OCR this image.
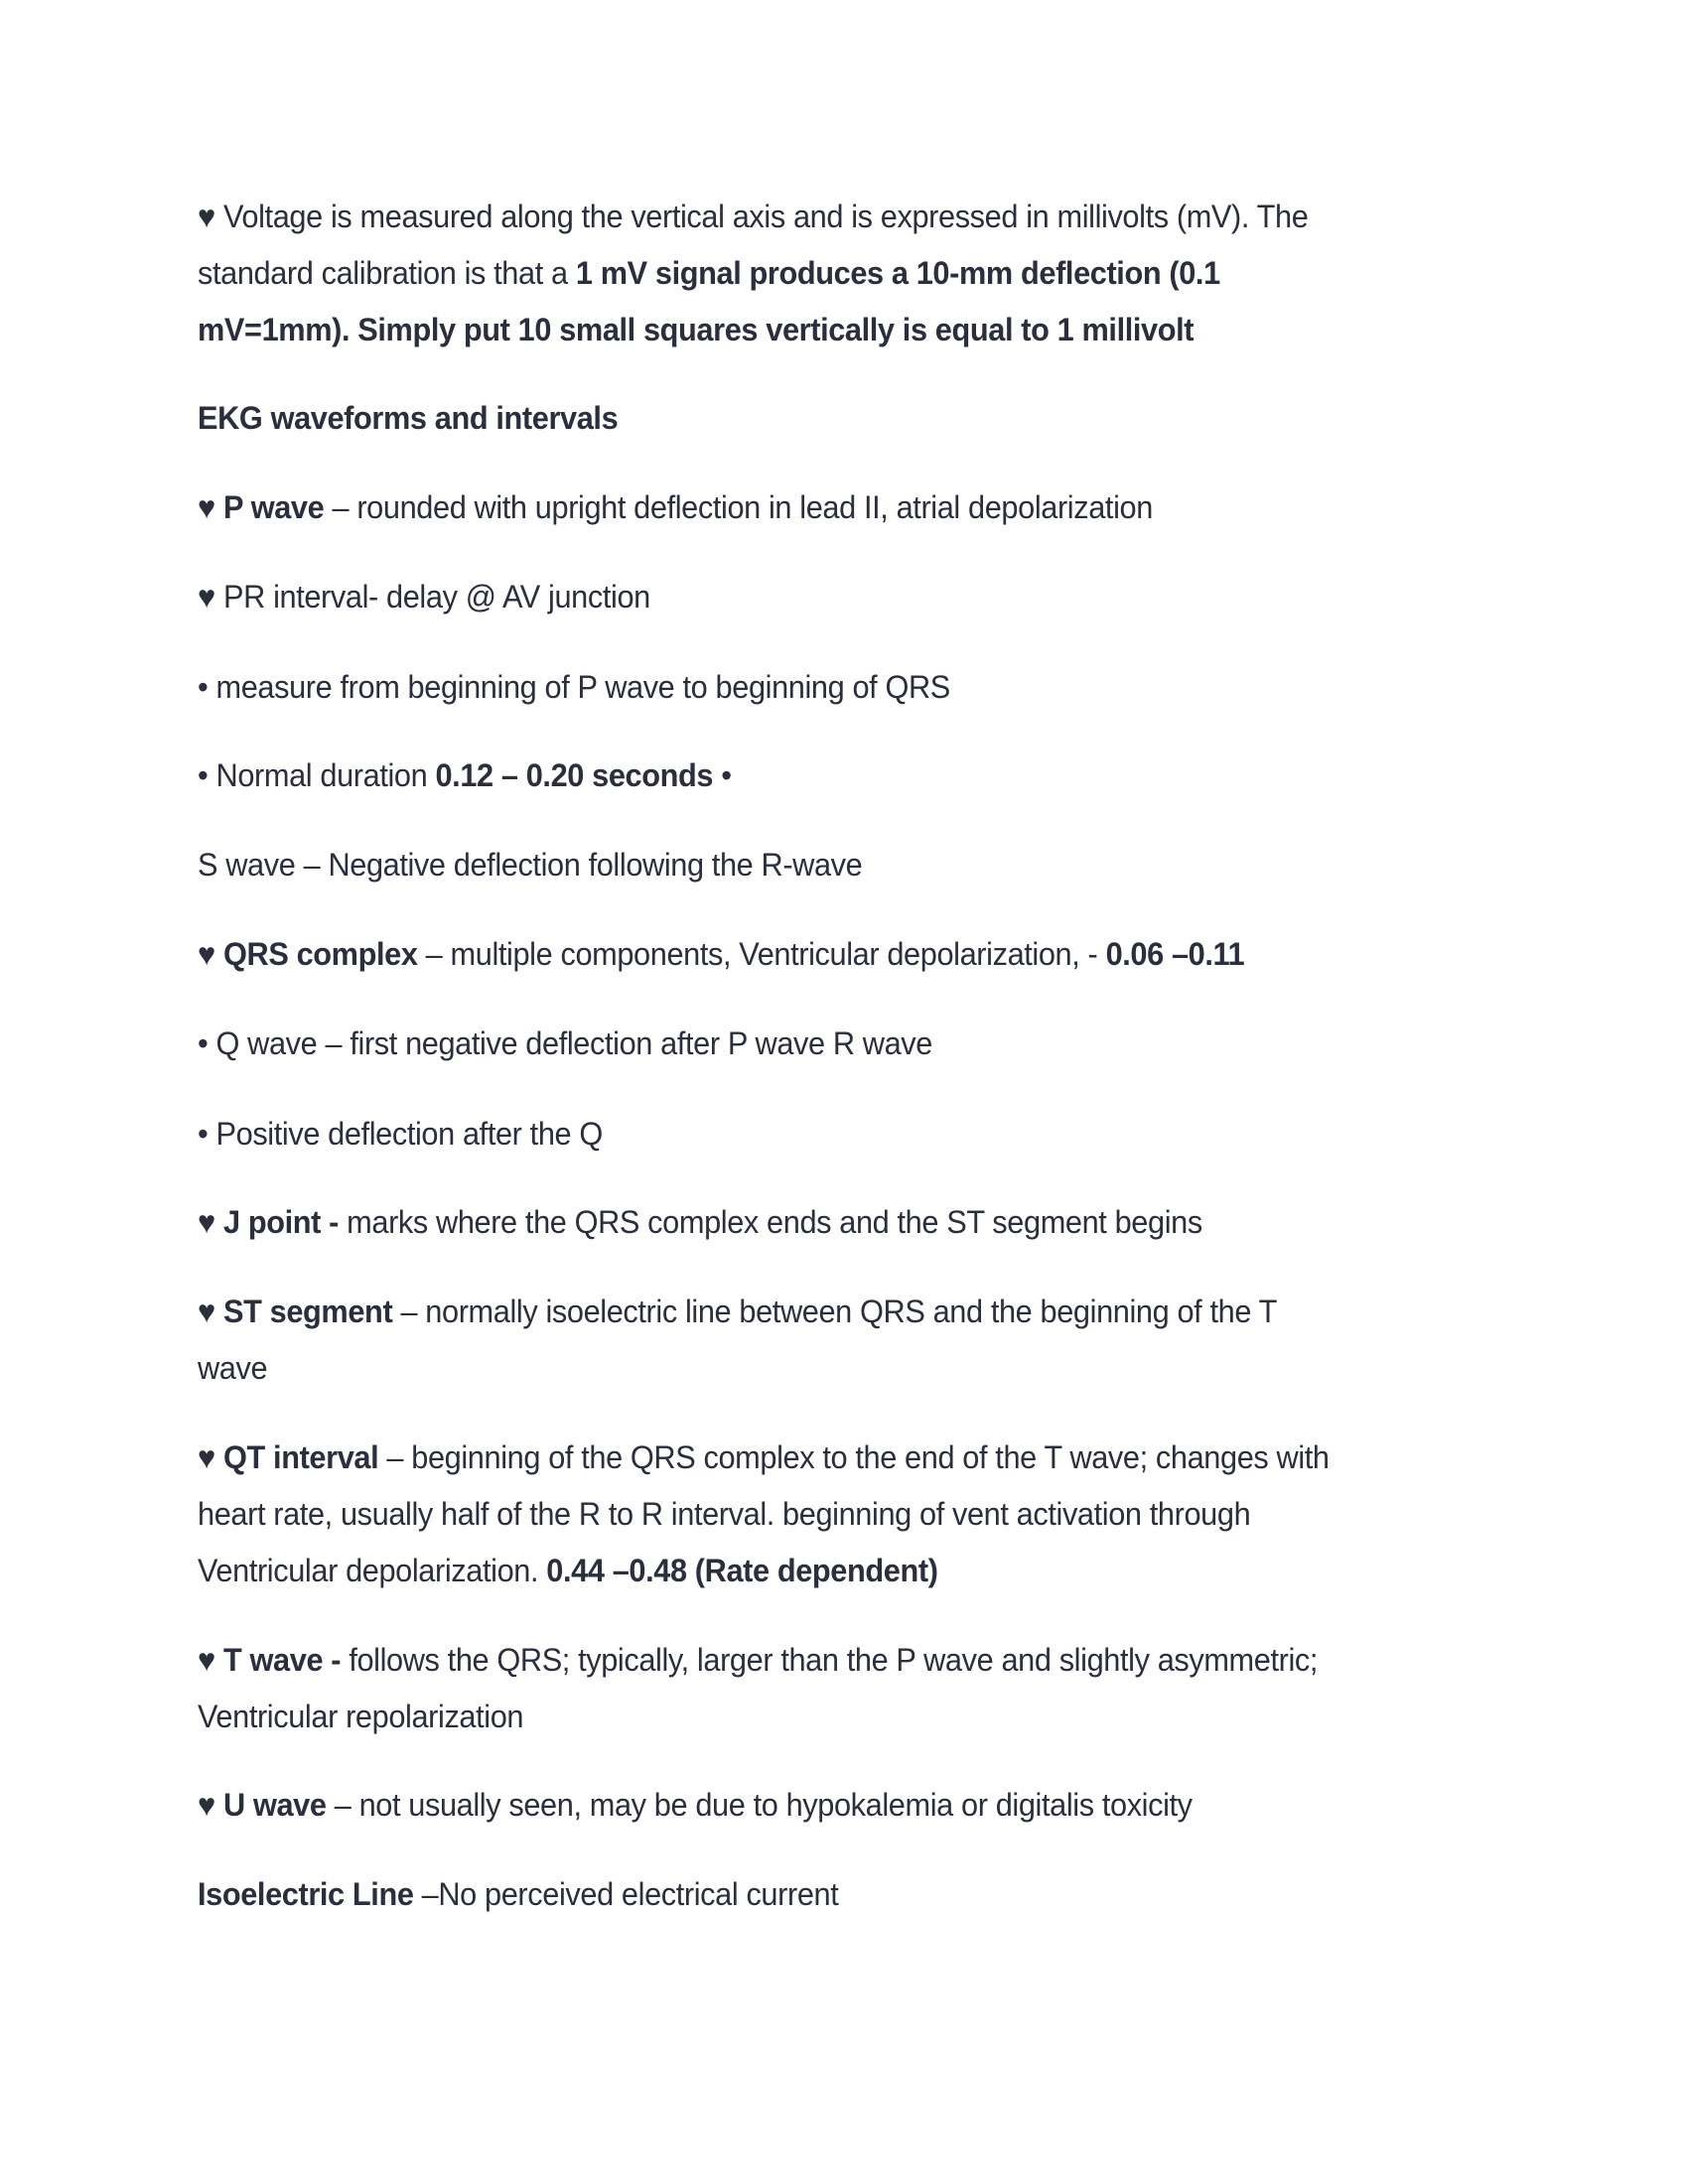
♥ Voltage is measured along the vertical axis and is expressed in millivolts (mV). The
standard calibration is that a 1 mV signal produces a 10-mm deflection (0.1
mV=1mm). Simply put 10 small squares vertically is equal to 1 millivolt
EKG waveforms and intervals
♥ P wave – rounded with upright deflection in lead II, atrial depolarization
♥ PR interval- delay @ AV junction
• measure from beginning of P wave to beginning of QRS
• Normal duration 0.12 – 0.20 seconds •
S wave – Negative deflection following the R-wave
♥ QRS complex – multiple components, Ventricular depolarization, - 0.06 –0.11
• Q wave – first negative deflection after P wave R wave
• Positive deflection after the Q
♥ J point - marks where the QRS complex ends and the ST segment begins
♥ ST segment – normally isoelectric line between QRS and the beginning of the T
wave
♥ QT interval – beginning of the QRS complex to the end of the T wave; changes with
heart rate, usually half of the R to R interval. beginning of vent activation through
Ventricular depolarization. 0.44 –0.48 (Rate dependent)
♥ T wave - follows the QRS; typically, larger than the P wave and slightly asymmetric;
Ventricular repolarization
♥ U wave – not usually seen, may be due to hypokalemia or digitalis toxicity
Isoelectric Line –No perceived electrical current
